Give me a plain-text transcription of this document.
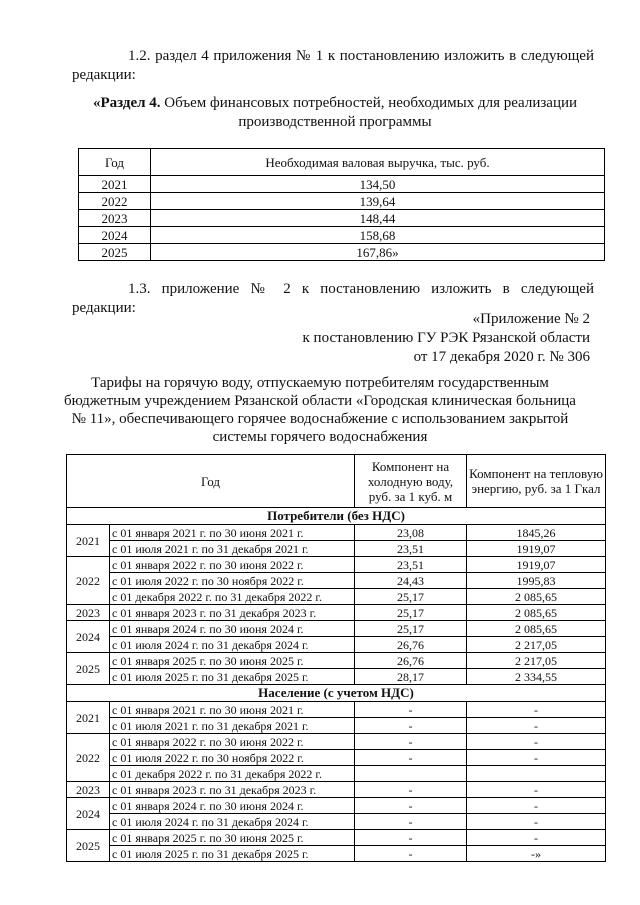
1.2. раздел 4 приложения № 1 к постановлению изложить в следующей редакции:
«Раздел 4. Объем финансовых потребностей, необходимых для реализации
производственной программы
Год	Необходимая валовая выручка, тыс. руб.
2021	134,50
2022	139,64
2023	148,44
2024	158,68
2025	167,86»
1.3. приложение № 2 к постановлению изложить в следующей редакции:
«Приложение № 2
к постановлению ГУ РЭК Рязанской области
от 17 декабря 2020 г. № 306
Тарифы на горячую воду, отпускаемую потребителям государственным бюджетным учреждением Рязанской области «Городская клиническая больница № 11», обеспечивающего горячее водоснабжение с использованием закрытой системы горячего водоснабжения
Год		Компонент на холодную воду, руб. за 1 куб. м	Компонент на тепловую энергию, руб. за 1 Гкал
Потребители (без НДС)			
2021	с 01 января 2021 г. по 30 июня 2021 г.	23,08	1845,26
	с 01 июля 2021 г. по 31 декабря 2021 г.	23,51	1919,07
2022	с 01 января 2022 г. по 30 июня 2022 г.	23,51	1919,07
	с 01 июля 2022 г. по 30 ноября 2022 г.	24,43	1995,83
	с 01 декабря 2022 г. по 31 декабря 2022 г.	25,17	2 085,65
2023	с 01 января 2023 г. по 31 декабря 2023 г.	25,17	2 085,65
2024	с 01 января 2024 г. по 30 июня 2024 г.	25,17	2 085,65
	с 01 июля 2024 г. по 31 декабря 2024 г.	26,76	2 217,05
2025	с 01 января 2025 г. по 30 июня 2025 г.	26,76	2 217,05
	с 01 июля 2025 г. по 31 декабря 2025 г.	28,17	2 334,55
Население (с учетом НДС)			
2021	с 01 января 2021 г. по 30 июня 2021 г.	-	-
	с 01 июля 2021 г. по 31 декабря 2021 г.	-	-
2022	с 01 января 2022 г. по 30 июня 2022 г.	-	-
	с 01 июля 2022 г. по 30 ноября 2022 г.	-	-
	с 01 декабря 2022 г. по 31 декабря 2022 г.		
2023	с 01 января 2023 г. по 31 декабря 2023 г.	-	-
2024	с 01 января 2024 г. по 30 июня 2024 г.	-	-
	с 01 июля 2024 г. по 31 декабря 2024 г.	-	-
2025	с 01 января 2025 г. по 30 июня 2025 г.	-	-
	с 01 июля 2025 г. по 31 декабря 2025 г.	-	-»
